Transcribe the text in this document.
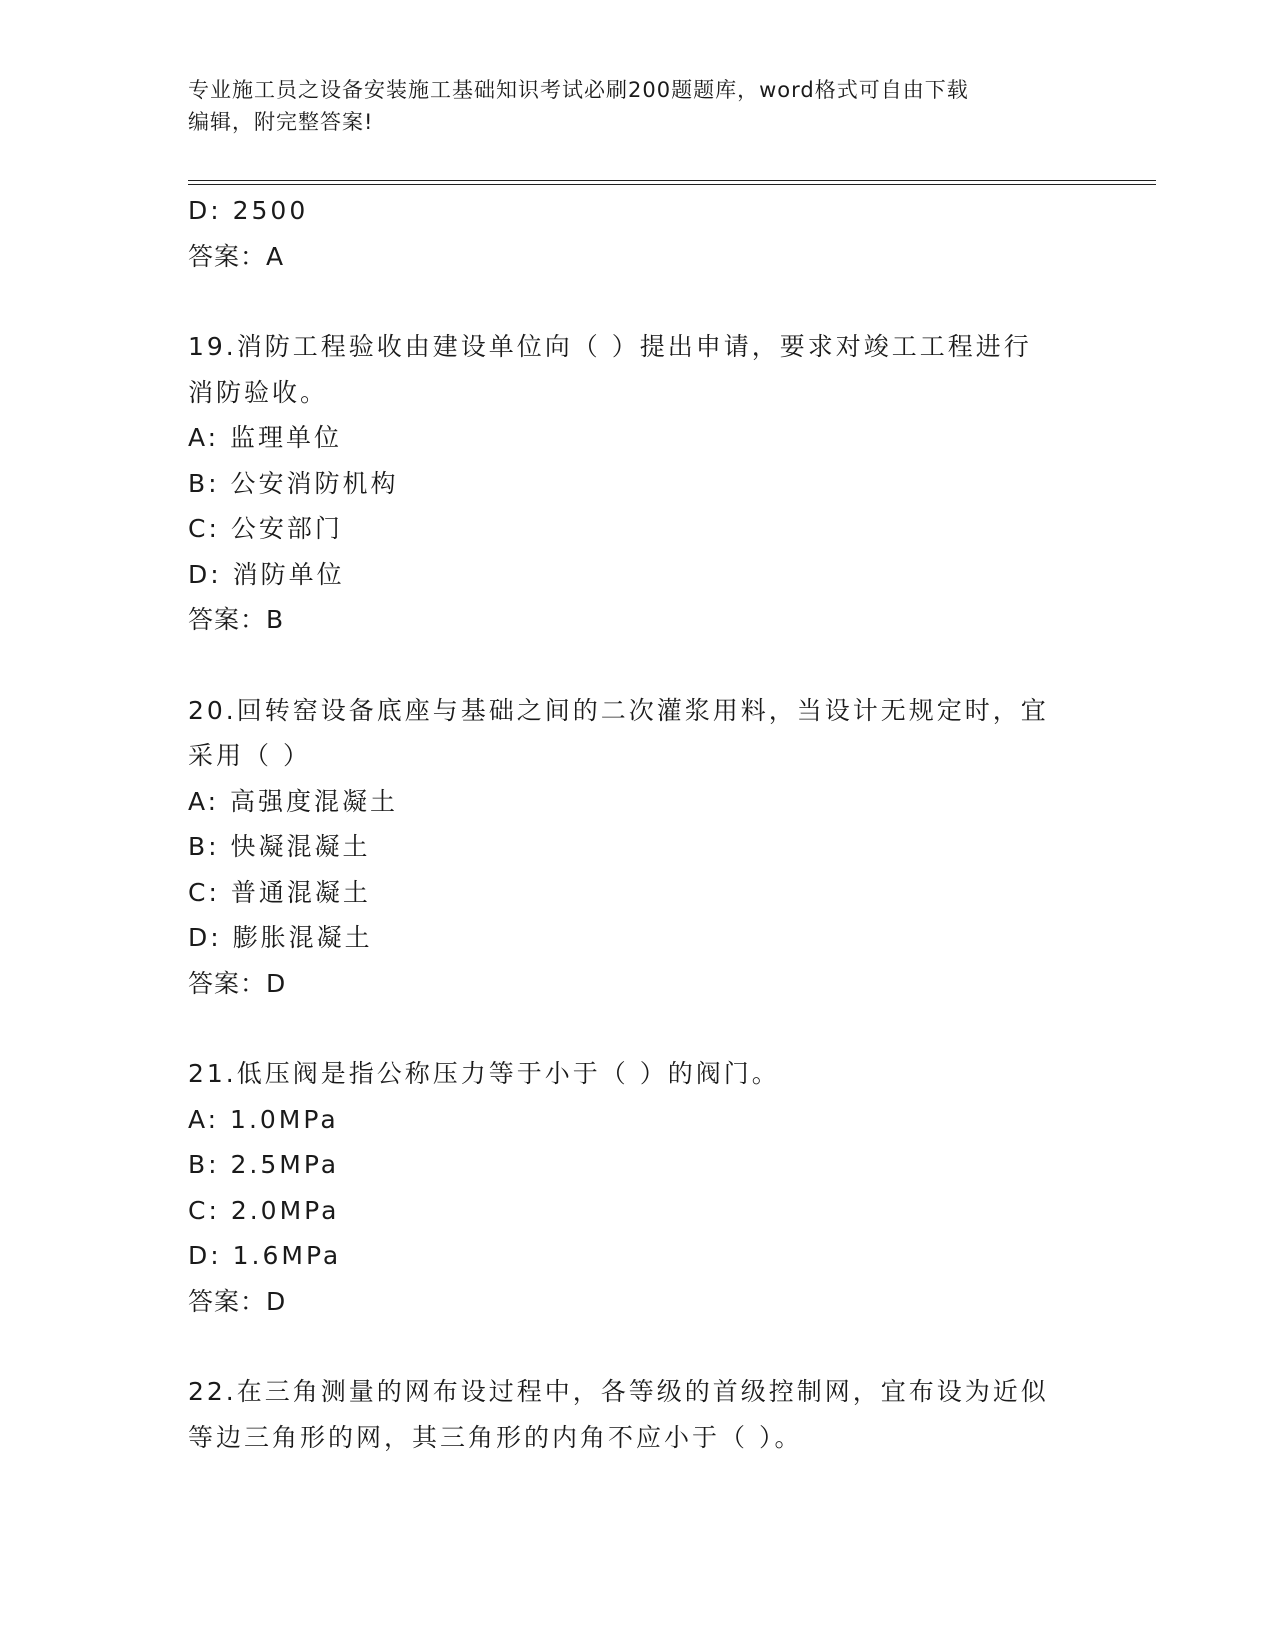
专业施工员之设备安装施工基础知识考试必刷200题题库，word格式可自由下载
编辑，附完整答案!
D: 2500
答案：A
19.消防工程验收由建设单位向（ ）提出申请，要求对竣工工程进行
消防验收。
A: 监理单位
B: 公安消防机构
C: 公安部门
D: 消防单位
答案：B
20.回转窑设备底座与基础之间的二次灌浆用料，当设计无规定时，宜
采用（ ）
A: 高强度混凝土
B: 快凝混凝土
C: 普通混凝土
D: 膨胀混凝土
答案：D
21.低压阀是指公称压力等于小于（ ）的阀门。
A: 1.0MPa
B: 2.5MPa
C: 2.0MPa
D: 1.6MPa
答案：D
22.在三角测量的网布设过程中，各等级的首级控制网，宜布设为近似
等边三角形的网，其三角形的内角不应小于（ ）。
